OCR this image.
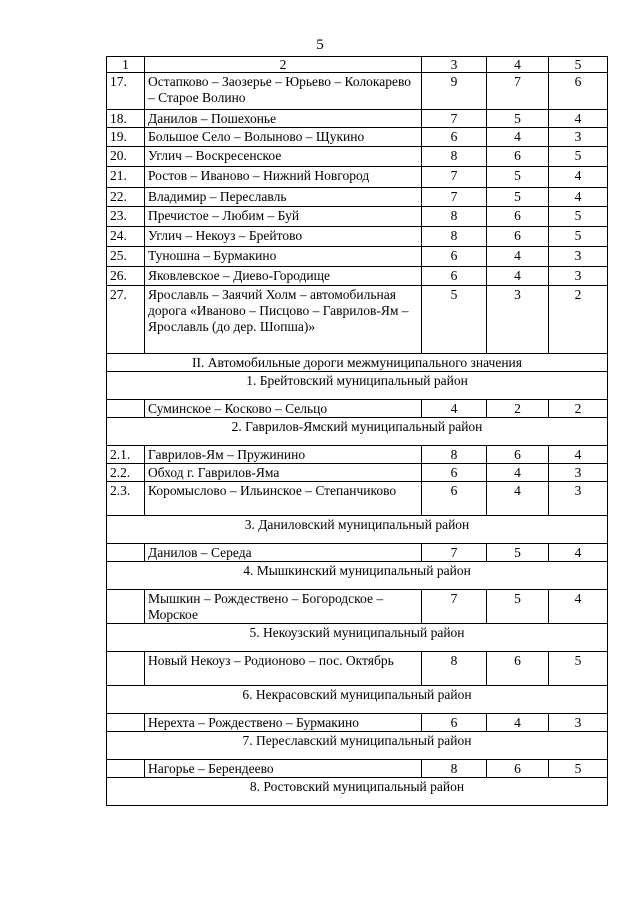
5
1	2	3	4	5
17.	Остапково – Заозерье – Юрьево – Колокарево – Старое Волино	9	7	6
18.	Данилов – Пошехонье	7	5	4
19.	Большое Село – Волыново – Щукино	6	4	3
20.	Углич – Воскресенское	8	6	5
21.	Ростов – Иваново – Нижний Новгород	7	5	4
22.	Владимир – Переславль	7	5	4
23.	Пречистое – Любим – Буй	8	6	5
24.	Углич – Некоуз – Брейтово	8	6	5
25.	Туношна – Бурмакино	6	4	3
26.	Яковлевское – Диево-Городище	6	4	3
27.	Ярославль – Заячий Холм – автомобильная дорога «Иваново – Писцово – Гаврилов-Ям – Ярославль (до дер. Шопша)»	5	3	2
II. Автомобильные дороги межмуниципального значения				
1. Брейтовский муниципальный район				
	Суминское – Косково – Сельцо	4	2	2
2. Гаврилов-Ямский муниципальный район				
2.1.	Гаврилов-Ям – Пружинино	8	6	4
2.2.	Обход г. Гаврилов-Яма	6	4	3
2.3.	Коромыслово – Ильинское – Степанчиково	6	4	3
3. Даниловский муниципальный район				
	Данилов – Середа	7	5	4
4. Мышкинский муниципальный район				
	Мышкин – Рождествено – Богородское – Морское	7	5	4
5. Некоузский муниципальный район				
	Новый Некоуз – Родионово – пос. Октябрь	8	6	5
6. Некрасовский муниципальный район				
	Нерехта – Рождествено – Бурмакино	6	4	3
7. Переславский муниципальный район				
	Нагорье – Берендеево	8	6	5
8. Ростовский муниципальный район				
